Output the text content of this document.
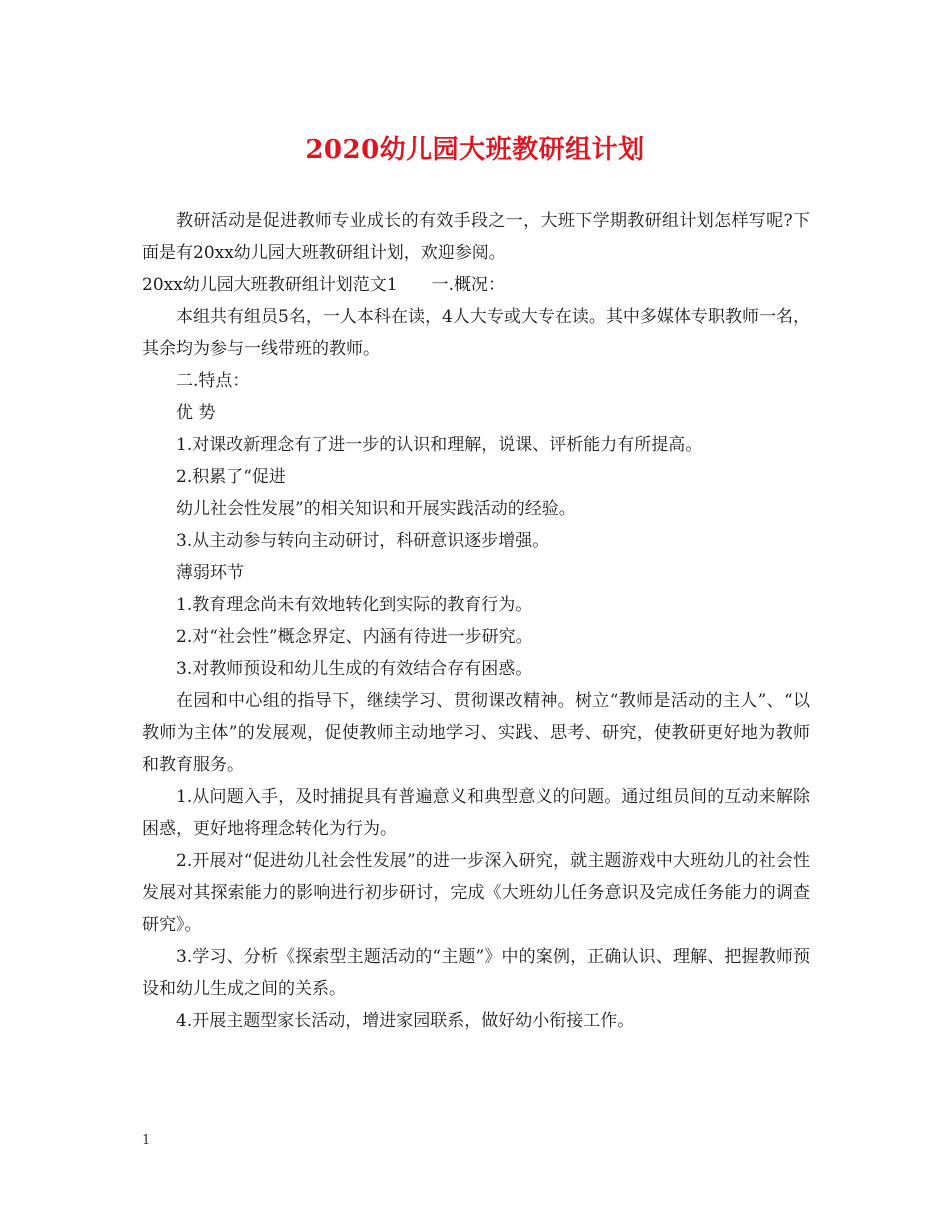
2020幼儿园大班教研组计划

教研活动是促进教师专业成长的有效手段之一，大班下学期教研组计划怎样写呢?下面是有20xx幼儿园大班教研组计划，欢迎参阅。

20xx幼儿园大班教研组计划范文1　　一.概况：

本组共有组员5名，一人本科在读，4人大专或大专在读。其中多媒体专职教师一名，其余均为参与一线带班的教师。

二.特点：

优 势

1.对课改新理念有了进一步的认识和理解，说课、评析能力有所提高。

2.积累了“促进

幼儿社会性发展”的相关知识和开展实践活动的经验。

3.从主动参与转向主动研讨，科研意识逐步增强。

薄弱环节

1.教育理念尚未有效地转化到实际的教育行为。

2.对“社会性”概念界定、内涵有待进一步研究。

3.对教师预设和幼儿生成的有效结合存有困惑。

在园和中心组的指导下，继续学习、贯彻课改精神。树立“教师是活动的主人”、“以教师为主体”的发展观，促使教师主动地学习、实践、思考、研究，使教研更好地为教师和教育服务。

1.从问题入手，及时捕捉具有普遍意义和典型意义的问题。通过组员间的互动来解除困惑，更好地将理念转化为行为。

2.开展对“促进幼儿社会性发展”的进一步深入研究，就主题游戏中大班幼儿的社会性发展对其探索能力的影响进行初步研讨，完成《大班幼儿任务意识及完成任务能力的调查研究》。

3.学习、分析《探索型主题活动的“主题”》中的案例，正确认识、理解、把握教师预设和幼儿生成之间的关系。

4.开展主题型家长活动，增进家园联系，做好幼小衔接工作。

1
